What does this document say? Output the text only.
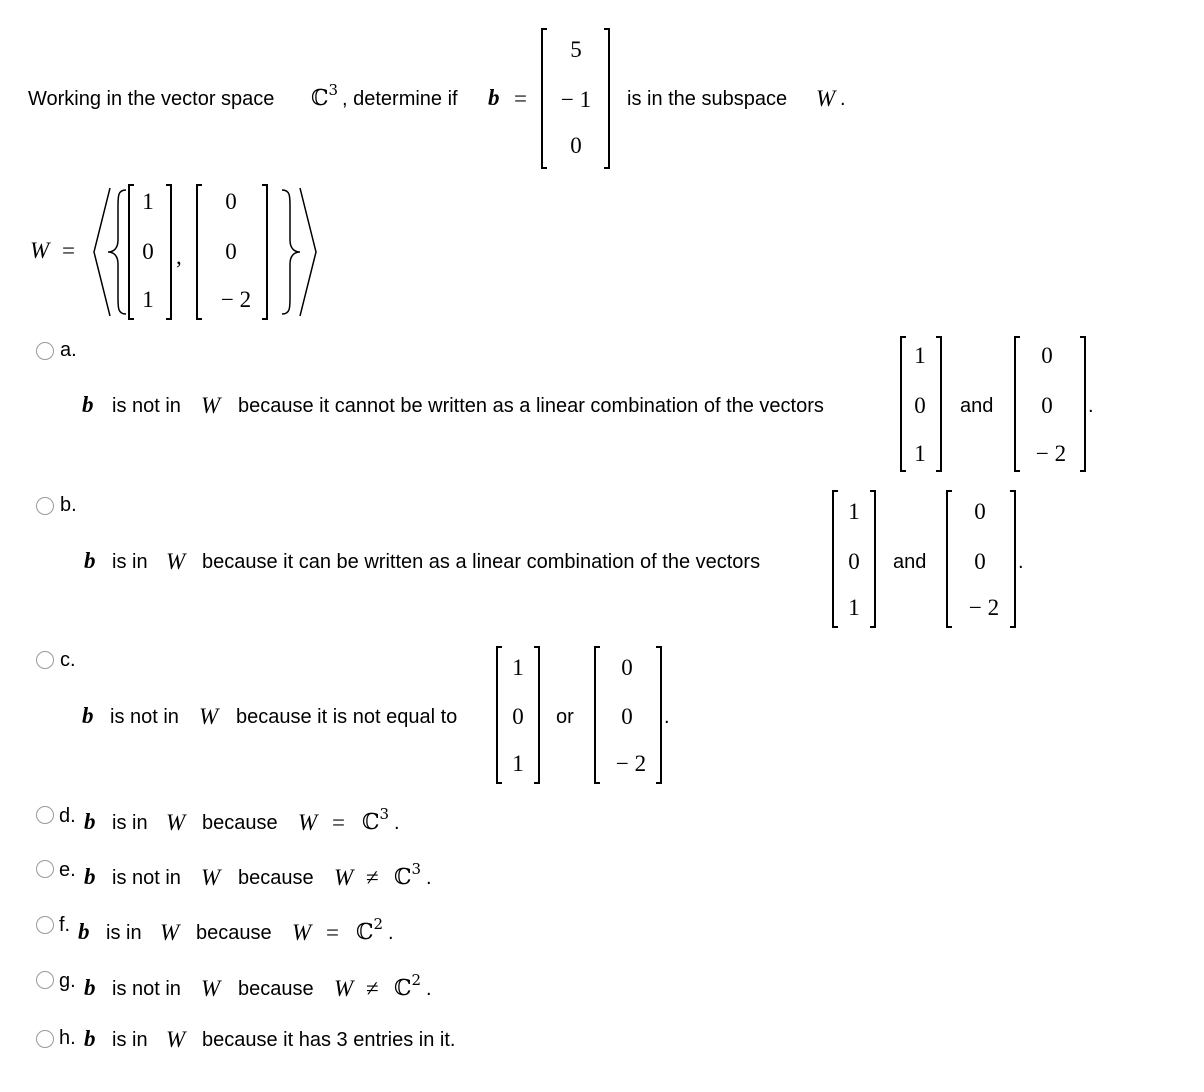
Working in the vector space ℂ$^3$ , determine if b =
5
− 1
0
is in the subspace W .
W =
1
0
1
,
0
0
− 2
a.
b is not in W because it cannot be written as a linear combination of the vectors
1
0
1
and
0
0
− 2
.
b.
b is in W because it can be written as a linear combination of the vectors
1
0
1
and
0
0
− 2
.
c.
b is not in W because it is not equal to
1
0
1
or
0
0
− 2
.
d. b is in W because W = ℂ$^3$ .
e. b is not in W because W ≠ ℂ$^3$ .
f. b is in W because W = ℂ$^2$ .
g. b is not in W because W ≠ ℂ$^2$ .
h. b is in W because it has 3 entries in it.
